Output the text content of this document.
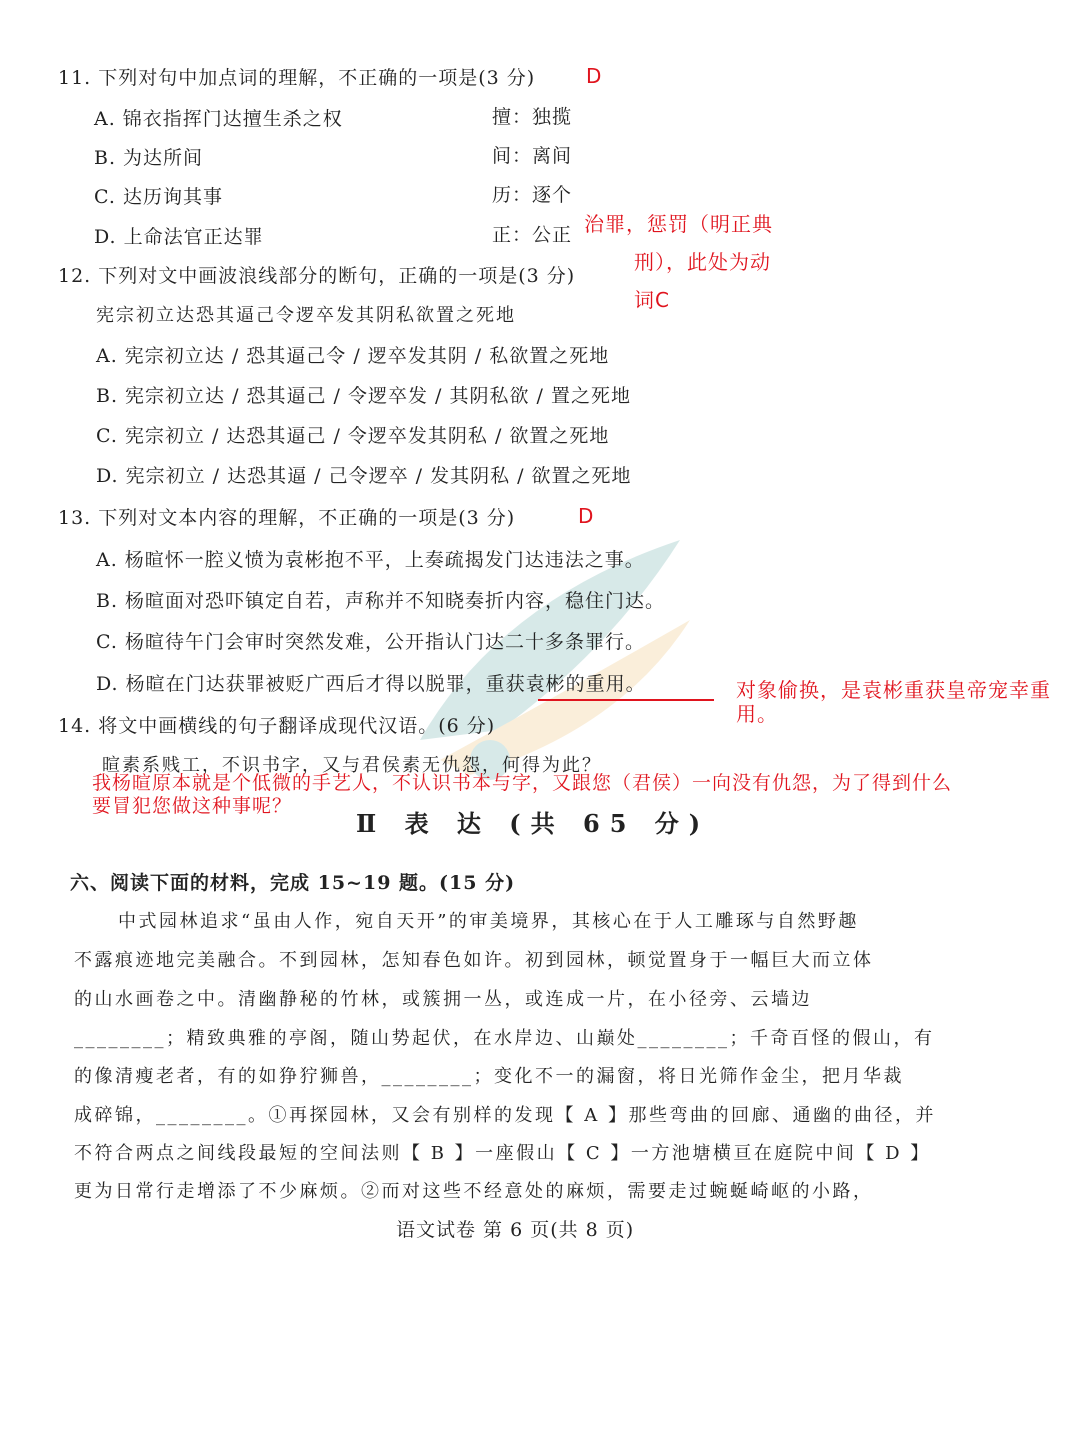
11. 下列对句中加点词的理解，不正确的一项是(3 分)	D
A. 锦衣指挥门达擅生杀之权	擅：独揽
B. 为达所间	间：离间
C. 达历询其事	历：逐个
D. 上命法官正达罪	正：公正 治罪，惩罚（明正典
刑），此处为动
词C
12. 下列对文中画波浪线部分的断句，正确的一项是(3 分)
宪宗初立达恐其逼己令逻卒发其阴私欲置之死地
A. 宪宗初立达 / 恐其逼己令 / 逻卒发其阴 / 私欲置之死地
B. 宪宗初立达 / 恐其逼己 / 令逻卒发 / 其阴私欲 / 置之死地
C. 宪宗初立 / 达恐其逼己 / 令逻卒发其阴私 / 欲置之死地
D. 宪宗初立 / 达恐其逼 / 己令逻卒 / 发其阴私 / 欲置之死地
13. 下列对文本内容的理解，不正确的一项是(3 分)	D
A. 杨暄怀一腔义愤为袁彬抱不平，上奏疏揭发门达违法之事。
B. 杨暄面对恐吓镇定自若，声称并不知晓奏折内容，稳住门达。
C. 杨暄待午门会审时突然发难，公开指认门达二十多条罪行。
D. 杨暄在门达获罪被贬广西后才得以脱罪，重获袁彬的重用。	对象偷换，是袁彬重获皇帝宠幸重
用。
14. 将文中画横线的句子翻译成现代汉语。(6 分)
暄素系贱工，不识书字，又与君侯素无仇怨，何得为此？
我杨暄原本就是个低微的手艺人，不认识书本与字，又跟您（君侯）一向没有仇怨，为了得到什么
要冒犯您做这种事呢？
Ⅱ 表 达 (共 65 分)
六、阅读下面的材料，完成 15~19 题。(15 分)
中式园林追求“虽由人作，宛自天开”的审美境界，其核心在于人工雕琢与自然野趣
不露痕迹地完美融合。不到园林，怎知春色如许。初到园林，顿觉置身于一幅巨大而立体
的山水画卷之中。清幽静秘的竹林，或簇拥一丛，或连成一片，在小径旁、云墙边
________；精致典雅的亭阁，随山势起伏，在水岸边、山巅处________；千奇百怪的假山，有
的像清瘦老者，有的如狰狞狮兽，________；变化不一的漏窗，将日光筛作金尘，把月华裁
成碎锦，________。①再探园林，又会有别样的发现【 A 】那些弯曲的回廊、通幽的曲径，并
不符合两点之间线段最短的空间法则【 B 】一座假山【 C 】一方池塘横亘在庭院中间【 D 】
更为日常行走增添了不少麻烦。②而对这些不经意处的麻烦，需要走过蜿蜒崎岖的小路，
语文试卷 第 6 页(共 8 页)
